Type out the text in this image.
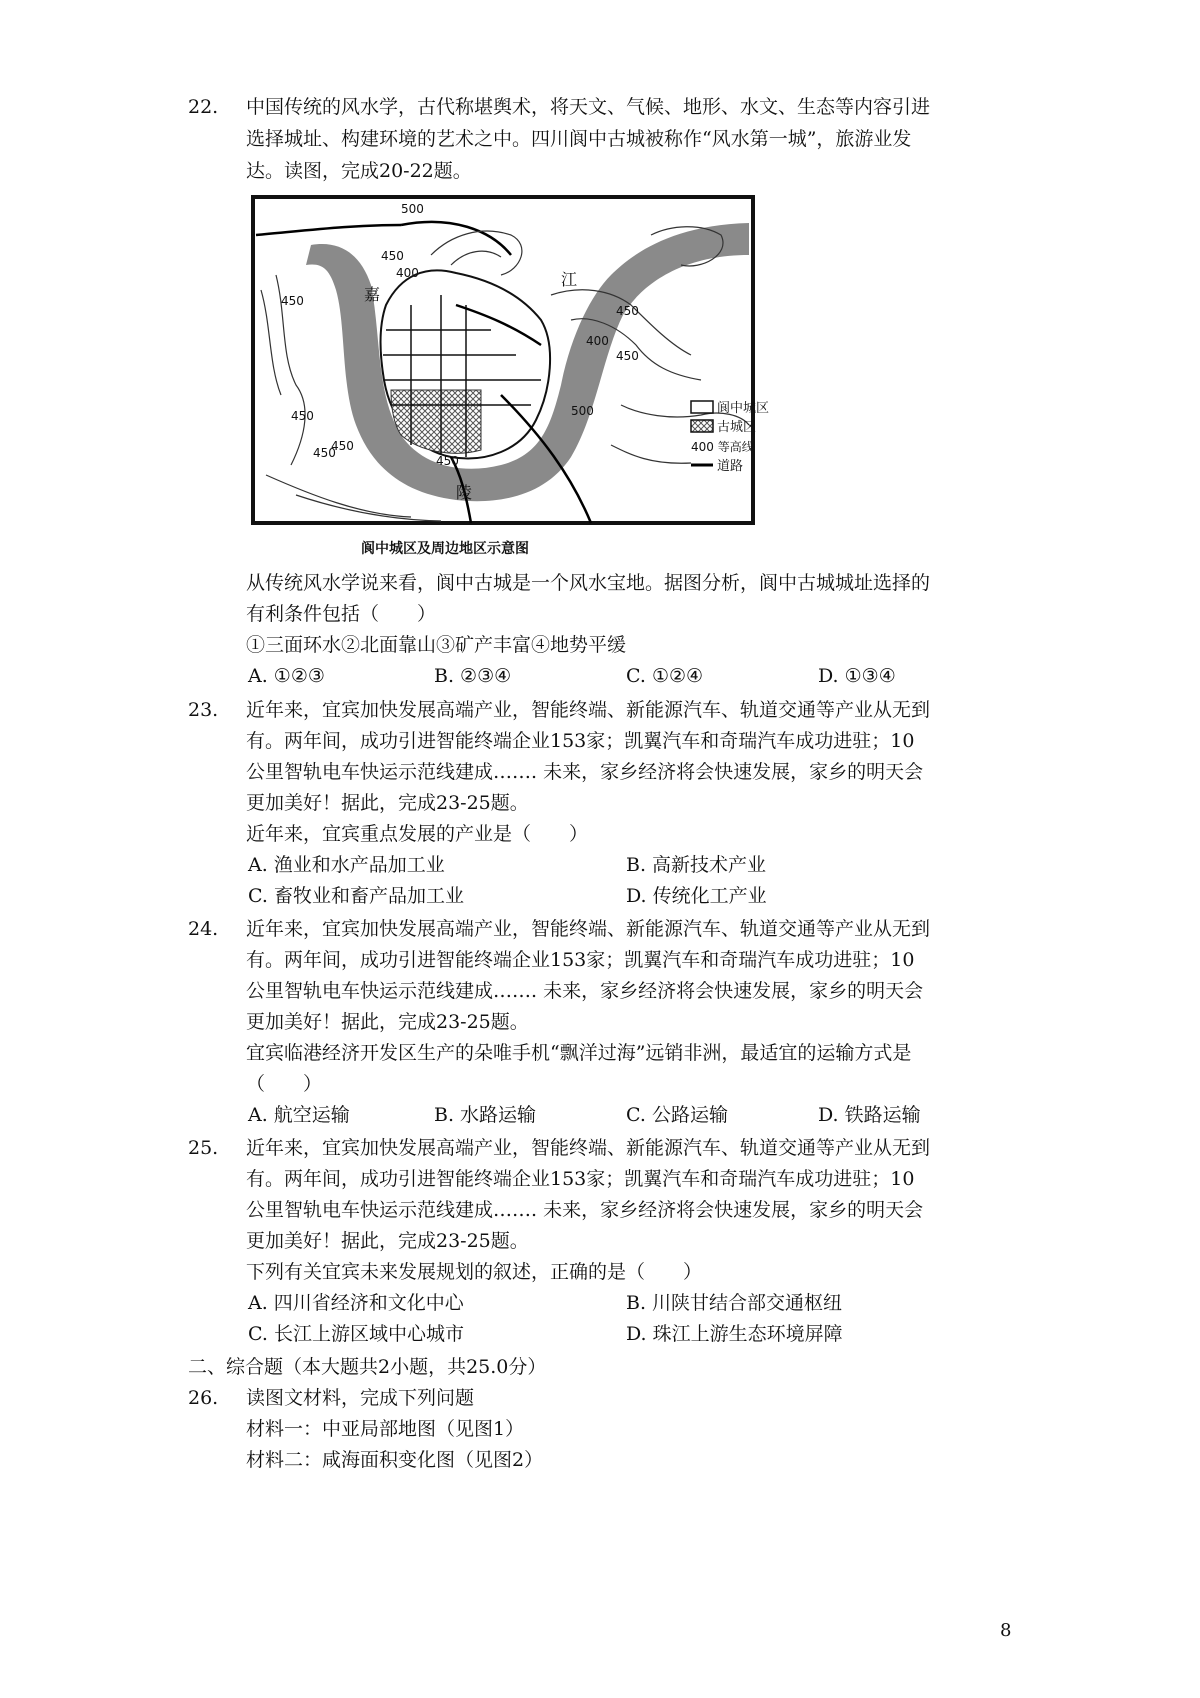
22. 中国传统的风水学，古代称堪舆术，将天文、气候、地形、水文、生态等内容引进
选择城址、构建环境的艺术之中。四川阆中古城被称作“风水第一城”，旅游业发
达。读图，完成20-22题。
嘉
陵
江
500
450
400
450
450
400
450
450	500
450
450
450
阆中城区
古城区
400 等高线
道路
阆中城区及周边地区示意图
从传统风水学说来看，阆中古城是一个风水宝地。据图分析，阆中古城城址选择的
有利条件包括（　　）
①三面环水②北面靠山③矿产丰富④地势平缓
A. ①②③	B. ②③④	C. ①②④	D. ①③④
23. 近年来，宜宾加快发展高端产业，智能终端、新能源汽车、轨道交通等产业从无到
有。两年间，成功引进智能终端企业153家；凯翼汽车和奇瑞汽车成功进驻；10
公里智轨电车快运示范线建成……. 未来，家乡经济将会快速发展，家乡的明天会
更加美好！据此，完成23-25题。
近年来，宜宾重点发展的产业是（　　）
A. 渔业和水产品加工业	B. 高新技术产业
C. 畜牧业和畜产品加工业	D. 传统化工产业
24. 近年来，宜宾加快发展高端产业，智能终端、新能源汽车、轨道交通等产业从无到
有。两年间，成功引进智能终端企业153家；凯翼汽车和奇瑞汽车成功进驻；10
公里智轨电车快运示范线建成……. 未来，家乡经济将会快速发展，家乡的明天会
更加美好！据此，完成23-25题。
宜宾临港经济开发区生产的朵唯手机“飘洋过海”远销非洲，最适宜的运输方式是
（　　）
A. 航空运输	B. 水路运输	C. 公路运输	D. 铁路运输
25. 近年来，宜宾加快发展高端产业，智能终端、新能源汽车、轨道交通等产业从无到
有。两年间，成功引进智能终端企业153家；凯翼汽车和奇瑞汽车成功进驻；10
公里智轨电车快运示范线建成……. 未来，家乡经济将会快速发展，家乡的明天会
更加美好！据此，完成23-25题。
下列有关宜宾未来发展规划的叙述，正确的是（　　）
A. 四川省经济和文化中心	B. 川陕甘结合部交通枢纽
C. 长江上游区域中心城市	D. 珠江上游生态环境屏障
二、综合题（本大题共2小题，共25.0分）
26. 读图文材料，完成下列问题
材料一：中亚局部地图（见图1）
材料二：咸海面积变化图（见图2）
8
